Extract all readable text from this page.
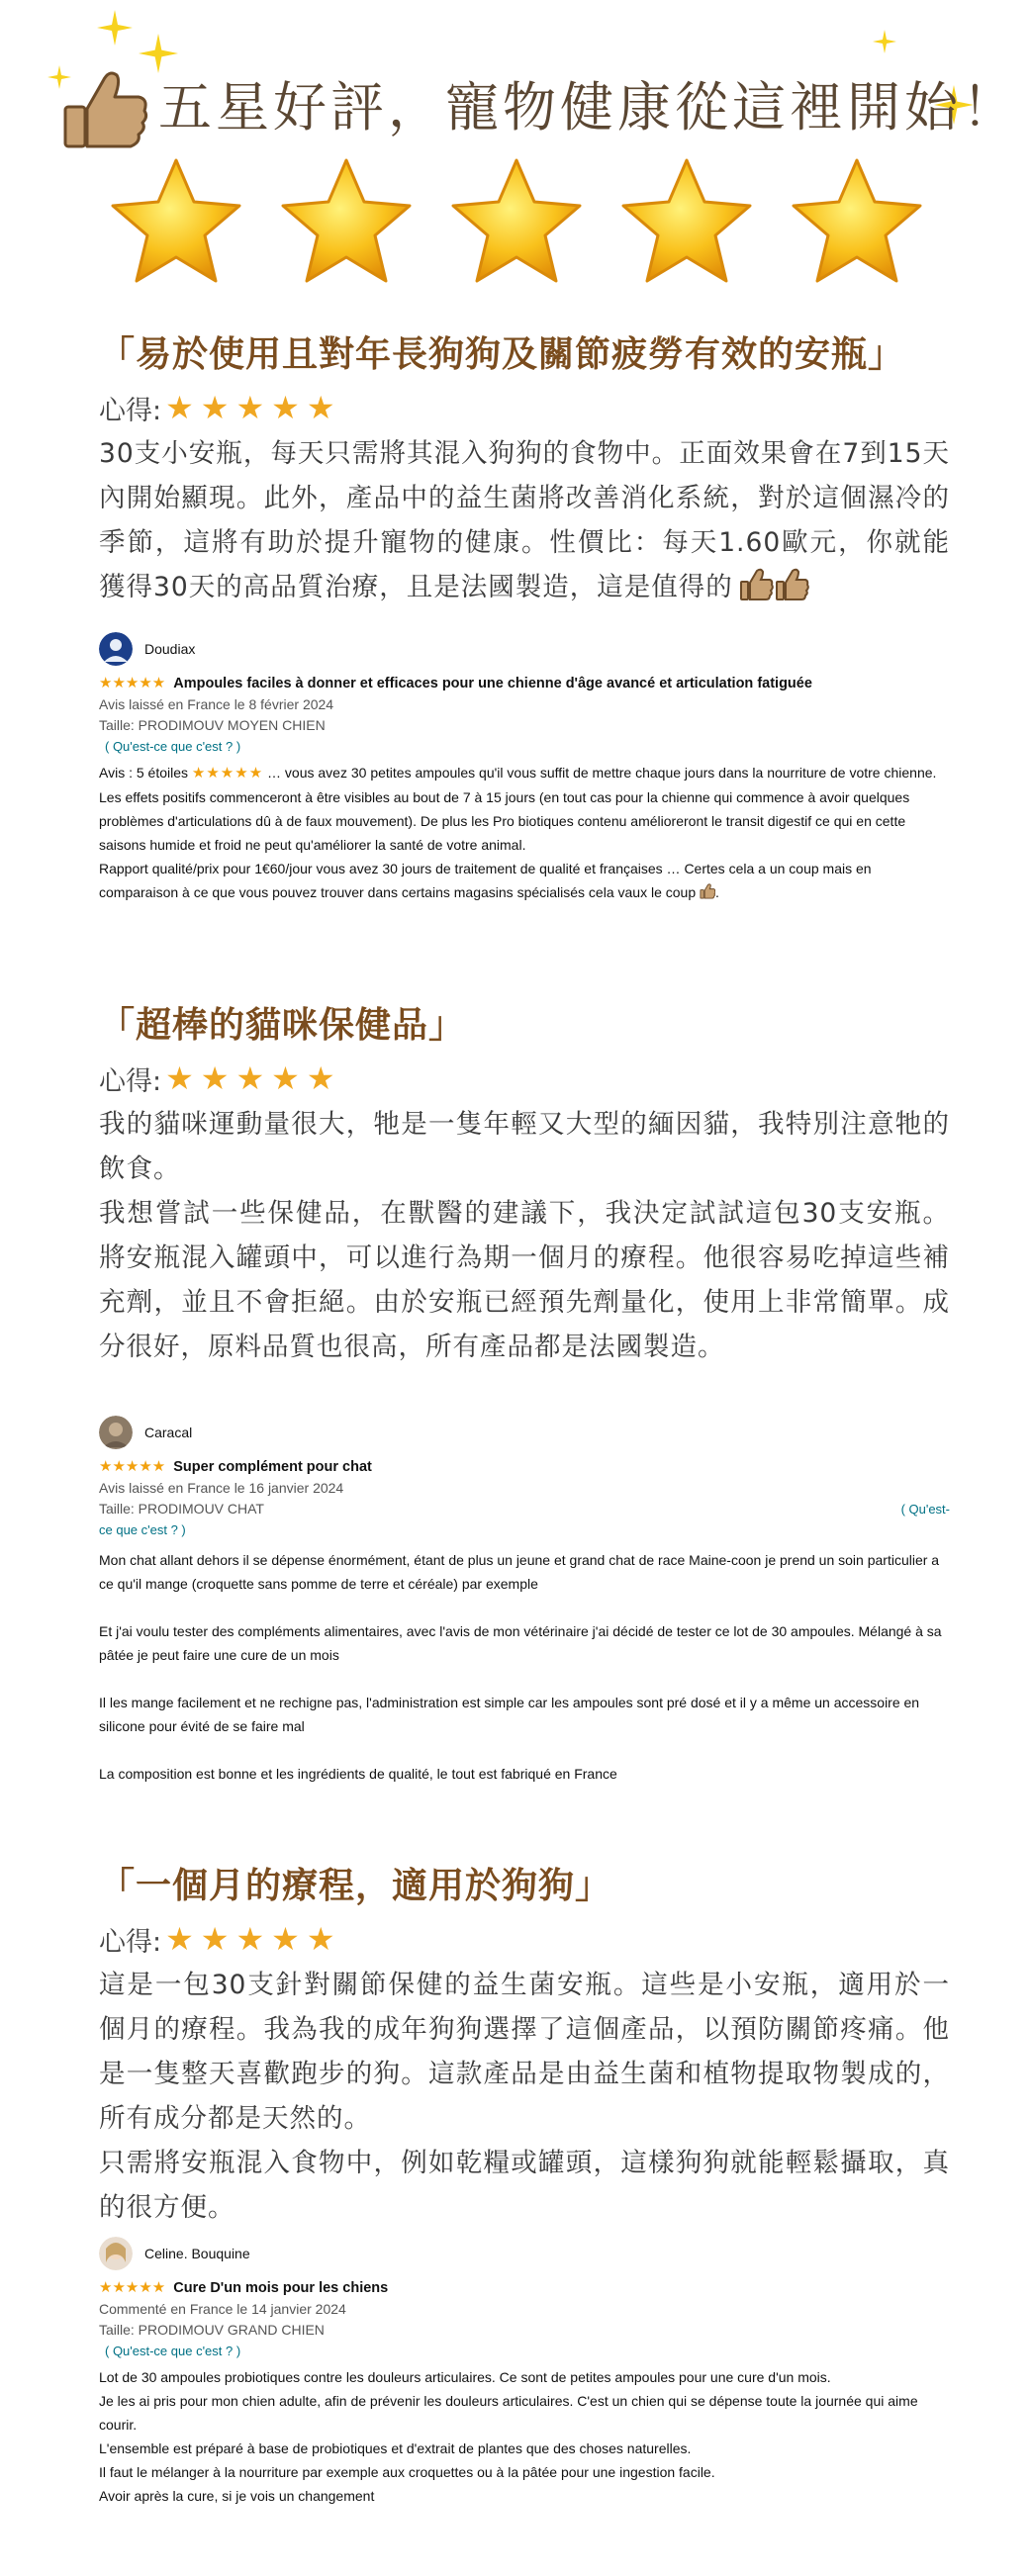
五星好評，寵物健康從這裡開始！
「易於使用且對年長狗狗及關節疲勞有效的安瓶」
心得: ★★★★★

30支小安瓶，每天只需將其混入狗狗的食物中。正面效果會在7到15天內開始顯現。此外，產品中的益生菌將改善消化系統，對於這個濕冷的季節，這將有助於提升寵物的健康。性價比：每天1.60歐元，你就能獲得30天的高品質治療，且是法國製造，這是值得的

Doudiax
★★★★★ Ampoules faciles à donner et efficaces pour une chienne d'âge avancé et articulation fatiguée
Avis laissé en France le 8 février 2024
Taille: PRODIMOUV MOYEN CHIEN
( Qu'est-ce que c'est ? )

Avis : 5 étoiles ★★★★★ … vous avez 30 petites ampoules qu'il vous suffit de mettre chaque jours dans la nourriture de votre chienne. Les effets positifs commenceront à être visibles au bout de 7 à 15 jours (en tout cas pour la chienne qui commence à avoir quelques problèmes d'articulations dû à de faux mouvement). De plus les Pro biotiques contenu amélioreront le transit digestif ce qui en cette saisons humide et froid ne peut qu'améliorer la santé de votre animal.

Rapport qualité/prix pour 1€60/jour vous avez 30 jours de traitement de qualité et françaises … Certes cela a un coup mais en comparaison à ce que vous pouvez trouver dans certains magasins spécialisés cela vaux le coup .

「超棒的貓咪保健品」
心得: ★★★★★

我的貓咪運動量很大，牠是一隻年輕又大型的緬因貓，我特別注意牠的飲食。

我想嘗試一些保健品，在獸醫的建議下，我決定試試這包30支安瓶。將安瓶混入罐頭中，可以進行為期一個月的療程。他很容易吃掉這些補充劑，並且不會拒絕。由於安瓶已經預先劑量化，使用上非常簡單。成分很好，原料品質也很高，所有產品都是法國製造。

Caracal
★★★★★ Super complément pour chat
Avis laissé en France le 16 janvier 2024
Taille: PRODIMOUV CHAT	( Qu'est-
ce que c'est ? )

Mon chat allant dehors il se dépense énormément, étant de plus un jeune et grand chat de race Maine-coon je prend un soin particulier a ce qu'il mange (croquette sans pomme de terre et céréale) par exemple

Et j'ai voulu tester des compléments alimentaires, avec l'avis de mon vétérinaire j'ai décidé de tester ce lot de 30 ampoules. Mélangé à sa pâtée je peut faire une cure de un mois

Il les mange facilement et ne rechigne pas, l'administration est simple car les ampoules sont pré dosé et il y a même un accessoire en silicone pour évité de se faire mal

La composition est bonne et les ingrédients de qualité, le tout est fabriqué en France

「一個月的療程，適用於狗狗」
心得: ★★★★★

這是一包30支針對關節保健的益生菌安瓶。這些是小安瓶，適用於一個月的療程。我為我的成年狗狗選擇了這個產品，以預防關節疼痛。他是一隻整天喜歡跑步的狗。這款產品是由益生菌和植物提取物製成的，所有成分都是天然的。

只需將安瓶混入食物中，例如乾糧或罐頭，這樣狗狗就能輕鬆攝取，真的很方便。

Celine. Bouquine
★★★★★ Cure D'un mois pour les chiens
Commenté en France le 14 janvier 2024
Taille: PRODIMOUV GRAND CHIEN
( Qu'est-ce que c'est ? )

Lot de 30 ampoules probiotiques contre les douleurs articulaires. Ce sont de petites ampoules pour une cure d'un mois.

Je les ai pris pour mon chien adulte, afin de prévenir les douleurs articulaires. C'est un chien qui se dépense toute la journée qui aime courir.

L'ensemble est préparé à base de probiotiques et d'extrait de plantes que des choses naturelles.

Il faut le mélanger à la nourriture par exemple aux croquettes ou à la pâtée pour une ingestion facile.

Avoir après la cure, si je vois un changement
